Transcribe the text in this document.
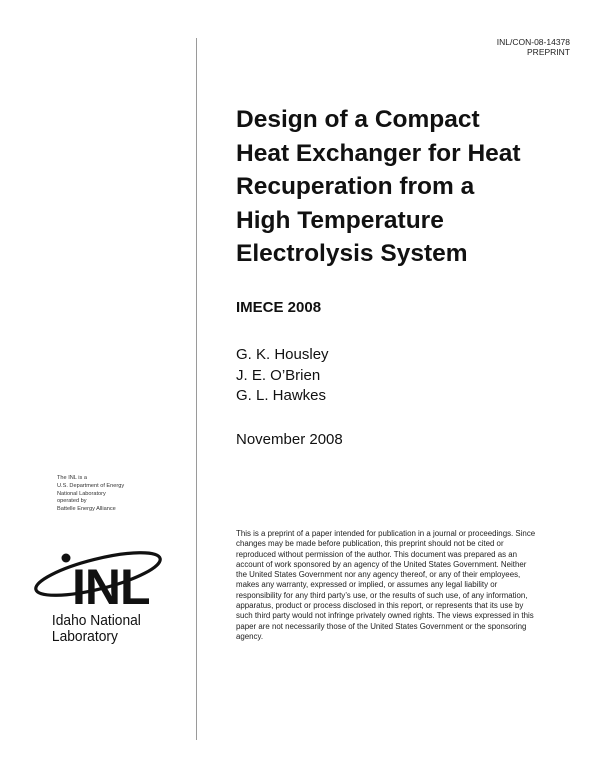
INL/CON-08-14378
PREPRINT
Design of a Compact
Heat Exchanger for Heat
Recuperation from a
High Temperature
Electrolysis System
IMECE 2008
G. K. Housley
J. E. O’Brien
G. L. Hawkes
November 2008
The INL is a
U.S. Department of Energy
National Laboratory
operated by
Battelle Energy Alliance
INL
Idaho National
Laboratory
This is a preprint of a paper intended for publication in a journal or proceedings. Since changes may be made before publication, this preprint should not be cited or reproduced without permission of the author. This document was prepared as an account of work sponsored by an agency of the United States Government. Neither the United States Government nor any agency thereof, or any of their employees, makes any warranty, expressed or implied, or assumes any legal liability or responsibility for any third party’s use, or the results of such use, of any information, apparatus, product or process disclosed in this report, or represents that its use by such third party would not infringe privately owned rights. The views expressed in this paper are not necessarily those of the United States Government or the sponsoring agency.
